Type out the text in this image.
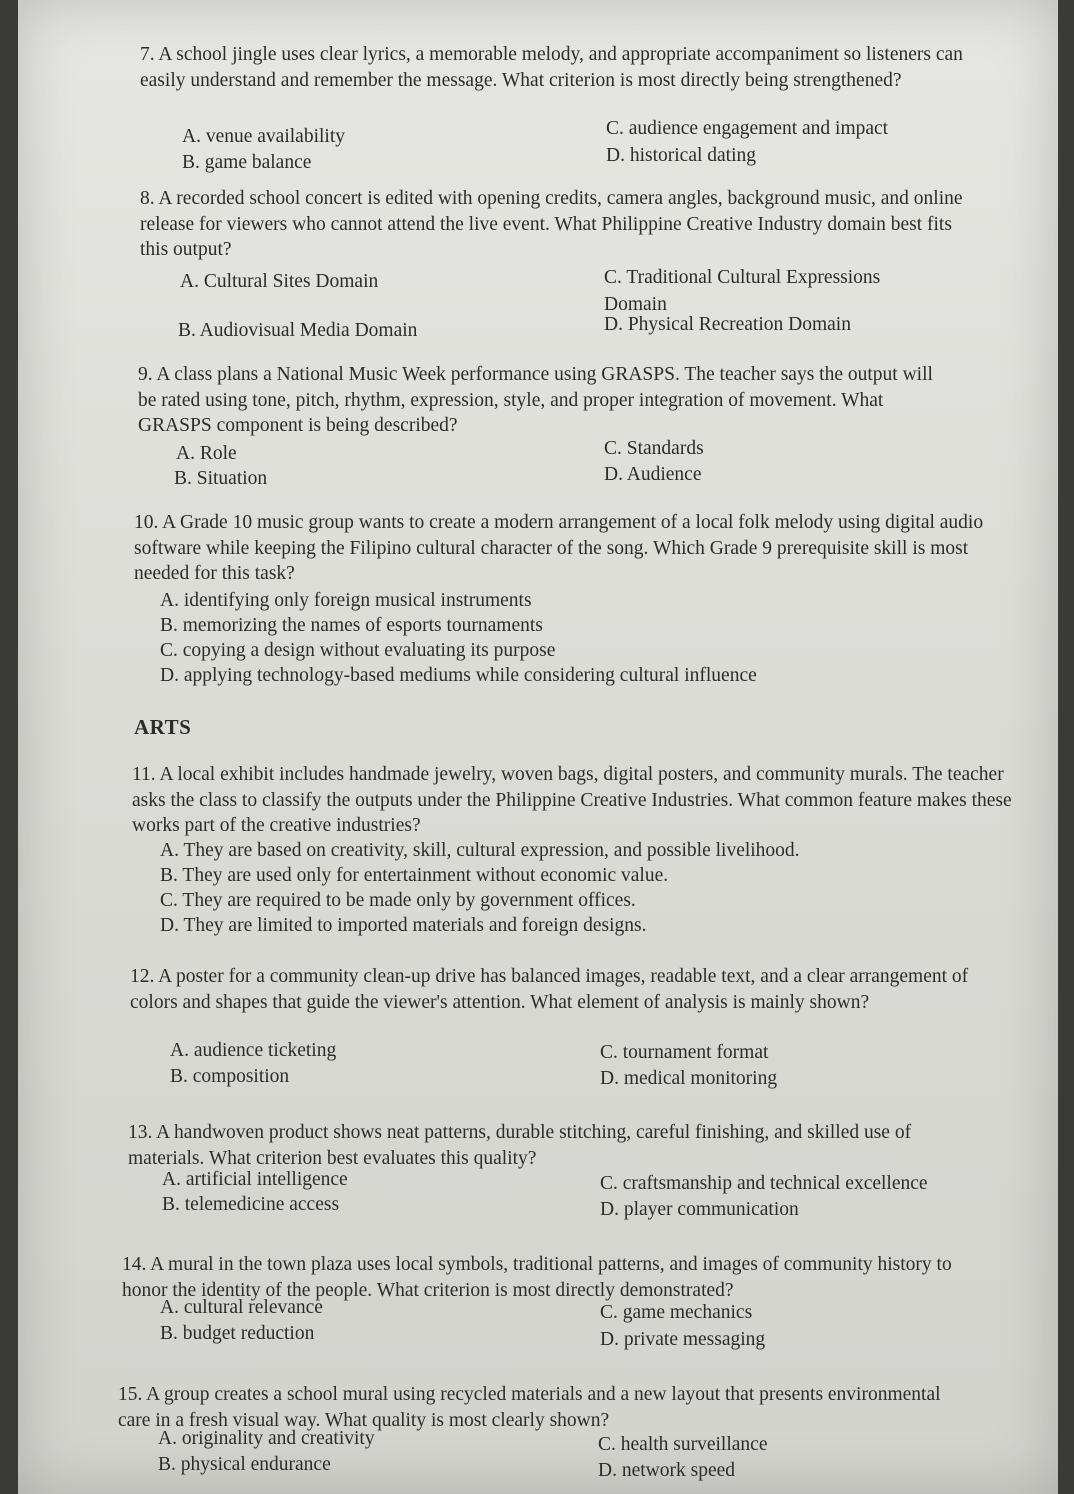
7. A school jingle uses clear lyrics, a memorable melody, and appropriate accompaniment so listeners can easily understand and remember the message. What criterion is most directly being strengthened?

A. venue availability
B. game balance
C. audience engagement and impact
D. historical dating

8. A recorded school concert is edited with opening credits, camera angles, background music, and online release for viewers who cannot attend the live event. What Philippine Creative Industry domain best fits this output?

A. Cultural Sites Domain
B. Audiovisual Media Domain
C. Traditional Cultural Expressions Domain
D. Physical Recreation Domain

9. A class plans a National Music Week performance using GRASPS. The teacher says the output will be rated using tone, pitch, rhythm, expression, style, and proper integration of movement. What GRASPS component is being described?

A. Role
B. Situation
C. Standards
D. Audience

10. A Grade 10 music group wants to create a modern arrangement of a local folk melody using digital audio software while keeping the Filipino cultural character of the song. Which Grade 9 prerequisite skill is most needed for this task?

A. identifying only foreign musical instruments
B. memorizing the names of esports tournaments
C. copying a design without evaluating its purpose
D. applying technology-based mediums while considering cultural influence
ARTS

11. A local exhibit includes handmade jewelry, woven bags, digital posters, and community murals. The teacher asks the class to classify the outputs under the Philippine Creative Industries. What common feature makes these works part of the creative industries?

A. They are based on creativity, skill, cultural expression, and possible livelihood.
B. They are used only for entertainment without economic value.
C. They are required to be made only by government offices.
D. They are limited to imported materials and foreign designs.

12. A poster for a community clean-up drive has balanced images, readable text, and a clear arrangement of colors and shapes that guide the viewer's attention. What element of analysis is mainly shown?

A. audience ticketing
B. composition
C. tournament format
D. medical monitoring

13. A handwoven product shows neat patterns, durable stitching, careful finishing, and skilled use of materials. What criterion best evaluates this quality?

A. artificial intelligence
B. telemedicine access
C. craftsmanship and technical excellence
D. player communication

14. A mural in the town plaza uses local symbols, traditional patterns, and images of community history to honor the identity of the people. What criterion is most directly demonstrated?

A. cultural relevance
B. budget reduction
C. game mechanics
D. private messaging

15. A group creates a school mural using recycled materials and a new layout that presents environmental care in a fresh visual way. What quality is most clearly shown?

A. originality and creativity
B. physical endurance
C. health surveillance
D. network speed
